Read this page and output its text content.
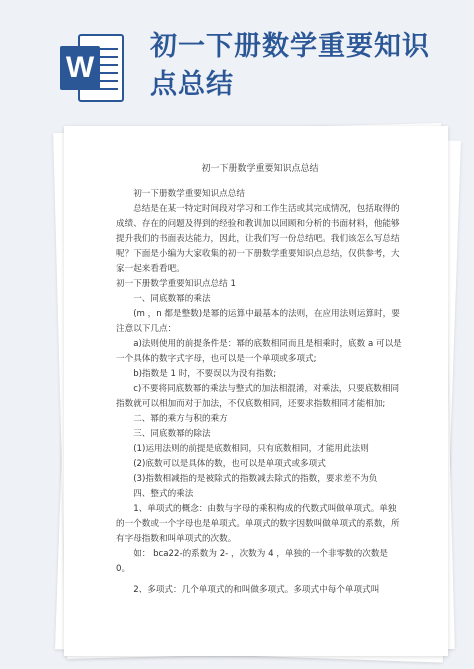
W
初一下册数学重要知识点总结
初一下册数学重要知识点总结

初一下册数学重要知识点总结

总结是在某一特定时间段对学习和工作生活或其完成情况，包括取得的成绩、存在的问题及得到的经验和教训加以回顾和分析的书面材料，他能够提升我们的书面表达能力，因此，让我们写一份总结吧。我们该怎么写总结呢？下面是小编为大家收集的初一下册数学重要知识点总结，仅供参考，大家一起来看看吧。

初一下册数学重要知识点总结 1

一、同底数幂的乘法

(m ，n 都是整数)是幂的运算中最基本的法则，在应用法则运算时，要注意以下几点：

a)法则使用的前提条件是：幂的底数相同而且是相乘时，底数 a 可以是一个具体的数字式字母，也可以是一个单项或多项式;

b)指数是 1 时，不要误以为没有指数;

c)不要将同底数幂的乘法与整式的加法相混淆，对乘法，只要底数相同指数就可以相加而对于加法，不仅底数相同，还要求指数相同才能相加;

二、幂的乘方与积的乘方

三、同底数幂的除法

(1)运用法则的前提是底数相同，只有底数相同，才能用此法则

(2)底数可以是具体的数，也可以是单项式或多项式

(3)指数相减指的是被除式的指数减去除式的指数，要求差不为负

四、整式的乘法

1、单项式的概念：由数与字母的乘积构成的代数式叫做单项式。单独的一个数或一个字母也是单项式。单项式的数字因数叫做单项式的系数，所有字母指数和叫单项式的次数。

如： bca22-的系数为 2- ，次数为 4 ，单独的一个非零数的次数是 0。

2、多项式：几个单项式的和叫做多项式。多项式中每个单项式叫
